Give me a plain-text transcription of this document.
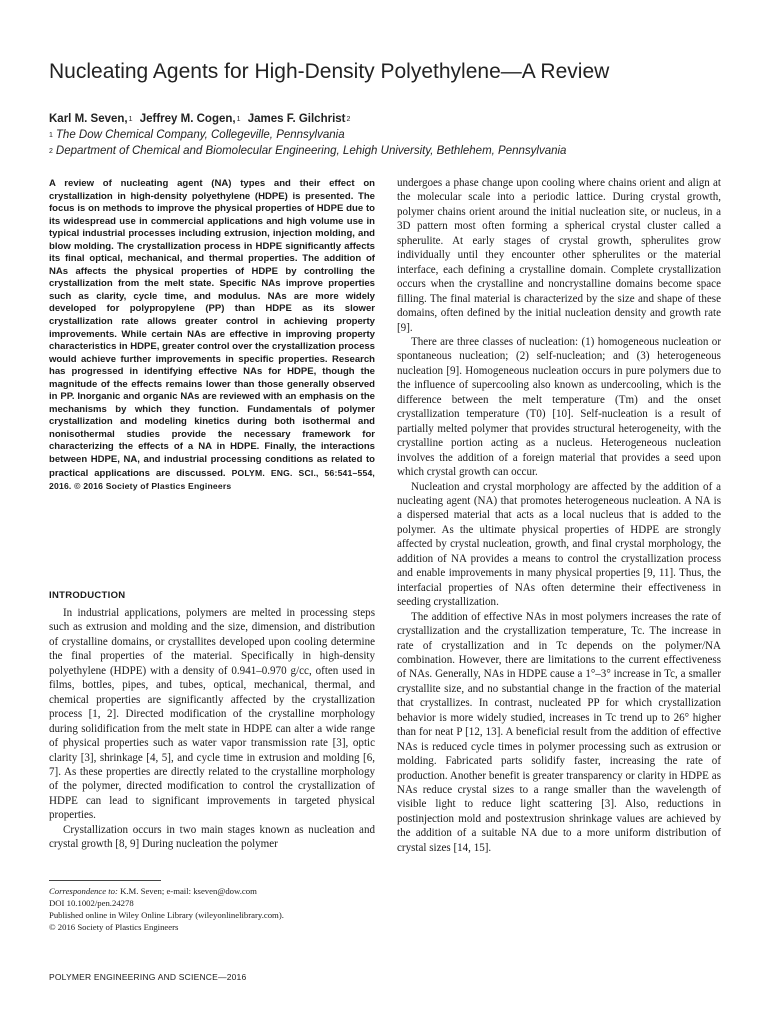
Nucleating Agents for High-Density Polyethylene—A Review
Karl M. Seven,$^1$ Jeffrey M. Cogen,$^1$ James F. Gilchrist$^2$
$^1$ The Dow Chemical Company, Collegeville, Pennsylvania
$^2$ Department of Chemical and Biomolecular Engineering, Lehigh University, Bethlehem, Pennsylvania

A review of nucleating agent (NA) types and their effect on crystallization in high-density polyethylene (HDPE) is presented. The focus is on methods to improve the physical properties of HDPE due to its widespread use in commercial applications and high volume use in typical industrial processes including extrusion, injection molding, and blow molding. The crystallization process in HDPE significantly affects its final optical, mechanical, and thermal properties. The addition of NAs affects the physical properties of HDPE by controlling the crystallization from the melt state. Specific NAs improve properties such as clarity, cycle time, and modulus. NAs are more widely developed for polypropylene (PP) than HDPE as its slower crystallization rate allows greater control in achieving property improvements. While certain NAs are effective in improving property characteristics in HDPE, greater control over the crystallization process would achieve further improvements in specific properties. Research has progressed in identifying effective NAs for HDPE, though the magnitude of the effects remains lower than those generally observed in PP. Inorganic and organic NAs are reviewed with an emphasis on the mechanisms by which they function. Fundamentals of polymer crystallization and modeling kinetics during both isothermal and nonisothermal studies provide the necessary framework for characterizing the effects of a NA in HDPE. Finally, the interactions between HDPE, NA, and industrial processing conditions as related to practical applications are discussed. POLYM. ENG. SCI., 56:541–554, 2016. © 2016 Society of Plastics Engineers

INTRODUCTION

In industrial applications, polymers are melted in processing steps such as extrusion and molding and the size, dimension, and distribution of crystalline domains, or crystallites developed upon cooling determine the final properties of the material. Specifically in high-density polyethylene (HDPE) with a density of 0.941–0.970 g/cc, often used in films, bottles, pipes, and tubes, optical, mechanical, thermal, and chemical properties are significantly affected by the crystallization process [1, 2]. Directed modification of the crystalline morphology during solidification from the melt state in HDPE can alter a wide range of physical properties such as water vapor transmission rate [3], optic clarity [3], shrinkage [4, 5], and cycle time in extrusion and molding [6, 7]. As these properties are directly related to the crystalline morphology of the polymer, directed modification to control the crystallization of HDPE can lead to significant improvements in targeted physical properties.

Crystallization occurs in two main stages known as nucleation and crystal growth [8, 9] During nucleation the polymer

Correspondence to: K.M. Seven; e-mail: kseven@dow.com
DOI 10.1002/pen.24278
Published online in Wiley Online Library (wileyonlinelibrary.com).
© 2016 Society of Plastics Engineers

undergoes a phase change upon cooling where chains orient and align at the molecular scale into a periodic lattice. During crystal growth, polymer chains orient around the initial nucleation site, or nucleus, in a 3D pattern most often forming a spherical crystal cluster called a spherulite. At early stages of crystal growth, spherulites grow individually until they encounter other spherulites or the material interface, each defining a crystalline domain. Complete crystallization occurs when the crystalline and noncrystalline domains become space filling. The final material is characterized by the size and shape of these domains, often defined by the initial nucleation density and growth rate [9].

There are three classes of nucleation: (1) homogeneous nucleation or spontaneous nucleation; (2) self-nucleation; and (3) heterogeneous nucleation [9]. Homogeneous nucleation occurs in pure polymers due to the influence of supercooling also known as undercooling, which is the difference between the melt temperature (Tm) and the onset crystallization temperature (T0) [10]. Self-nucleation is a result of partially melted polymer that provides structural heterogeneity, with the crystalline portion acting as a nucleus. Heterogeneous nucleation involves the addition of a foreign material that provides a seed upon which crystal growth can occur.

Nucleation and crystal morphology are affected by the addition of a nucleating agent (NA) that promotes heterogeneous nucleation. A NA is a dispersed material that acts as a local nucleus that is added to the polymer. As the ultimate physical properties of HDPE are strongly affected by crystal nucleation, growth, and final crystal morphology, the addition of NA provides a means to control the crystallization process and enable improvements in many physical properties [9, 11]. Thus, the interfacial properties of NAs often determine their effectiveness in seeding crystallization.

The addition of effective NAs in most polymers increases the rate of crystallization and the crystallization temperature, Tc. The increase in rate of crystallization and in Tc depends on the polymer/NA combination. However, there are limitations to the current effectiveness of NAs. Generally, NAs in HDPE cause a 1°–3° increase in Tc, a smaller crystallite size, and no substantial change in the fraction of the material that crystallizes. In contrast, nucleated PP for which crystallization behavior is more widely studied, increases in Tc trend up to 26° higher than for neat P [12, 13]. A beneficial result from the addition of effective NAs is reduced cycle times in polymer processing such as extrusion or molding. Fabricated parts solidify faster, increasing the rate of production. Another benefit is greater transparency or clarity in HDPE as NAs reduce crystal sizes to a range smaller than the wavelength of visible light to reduce light scattering [3]. Also, reductions in postinjection mold and postextrusion shrinkage values are achieved by the addition of a suitable NA due to a more uniform distribution of crystal sizes [14, 15].

POLYMER ENGINEERING AND SCIENCE—2016
